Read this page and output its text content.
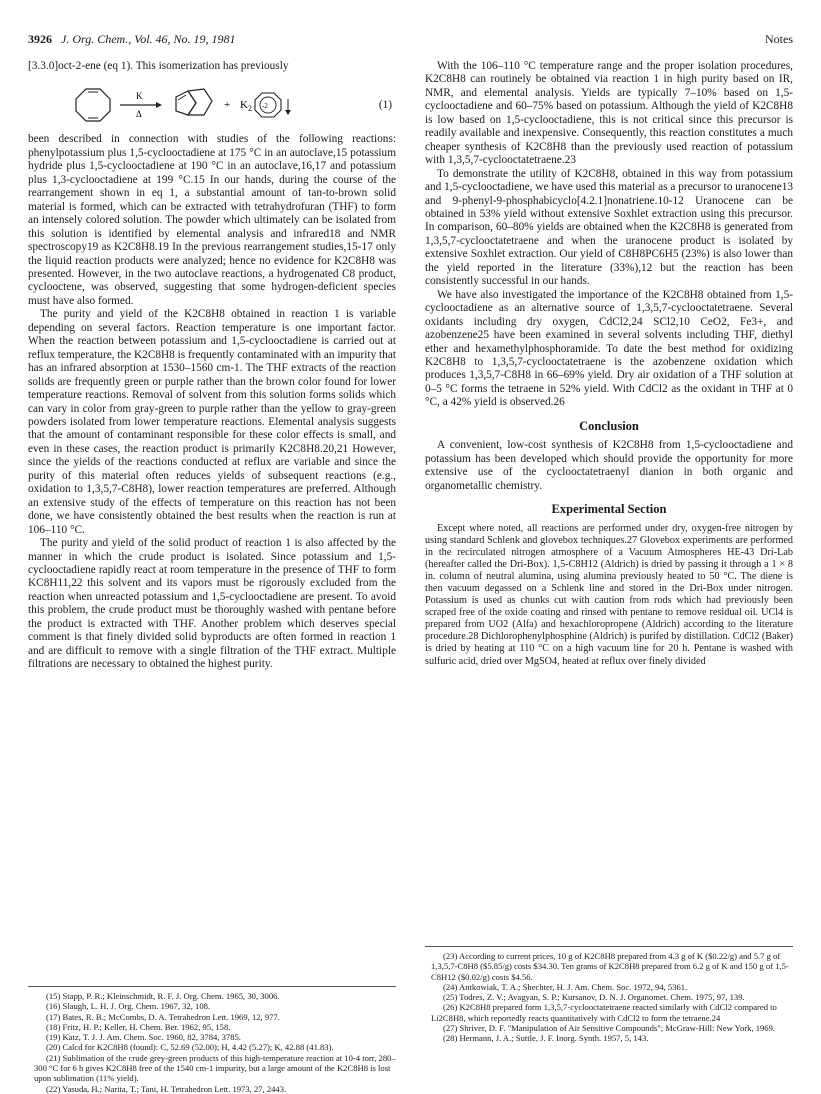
3926 J. Org. Chem., Vol. 46, No. 19, 1981	Notes

[3.3.0]oct-2-ene (eq 1). This isomerization has previously

K
Δ
+ K 2 -2	(1)

been described in connection with studies of the following reactions: phenylpotassium plus 1,5-cyclooctadiene at 175 °C in an autoclave,15 potassium hydride plus 1,5-cyclooctadiene at 190 °C in an autoclave,16,17 and potassium plus 1,3-cyclooctadiene at 199 °C.15 In our hands, during the course of the rearrangement shown in eq 1, a substantial amount of tan-to-brown solid material is formed, which can be extracted with tetrahydrofuran (THF) to form an intensely colored solution. The powder which ultimately can be isolated from this solution is identified by elemental analysis and infrared18 and NMR spectroscopy19 as K2C8H8.19 In the previous rearrangement studies,15-17 only the liquid reaction products were analyzed; hence no evidence for K2C8H8 was presented. However, in the two autoclave reactions, a hydrogenated C8 product, cyclooctene, was observed, suggesting that some hydrogen-deficient species must have also formed.

The purity and yield of the K2C8H8 obtained in reaction 1 is variable depending on several factors. Reaction temperature is one important factor. When the reaction between potassium and 1,5-cyclooctadiene is carried out at reflux temperature, the K2C8H8 is frequently contaminated with an impurity that has an infrared absorption at 1530–1560 cm-1. The THF extracts of the reaction solids are frequently green or purple rather than the brown color found for lower temperature reactions. Removal of solvent from this solution forms solids which can vary in color from gray-green to purple rather than the yellow to gray-green powders isolated from lower temperature reactions. Elemental analysis suggests that the amount of contaminant responsible for these color effects is small, and even in these cases, the reaction product is primarily K2C8H8.20,21 However, since the yields of the reactions conducted at reflux are variable and since the purity of this material often reduces yields of subsequent reactions (e.g., oxidation to 1,3,5,7-C8H8), lower reaction temperatures are preferred. Although an extensive study of the effects of temperature on this reaction has not been done, we have consistently obtained the best results when the reaction is run at 106–110 °C.

The purity and yield of the solid product of reaction 1 is also affected by the manner in which the crude product is isolated. Since potassium and 1,5-cyclooctadiene rapidly react at room temperature in the presence of THF to form KC8H11,22 this solvent and its vapors must be rigorously excluded from the reaction when unreacted potassium and 1,5-cyclooctadiene are present. To avoid this problem, the crude product must be thoroughly washed with pentane before the product is extracted with THF. Another problem which deserves special comment is that finely divided solid byproducts are often formed in reaction 1 and are difficult to remove with a single filtration of the THF extract. Multiple filtrations are necessary to obtained the highest purity.

With the 106–110 °C temperature range and the proper isolation procedures, K2C8H8 can routinely be obtained via reaction 1 in high purity based on IR, NMR, and elemental analysis. Yields are typically 7–10% based on 1,5-cyclooctadiene and 60–75% based on potassium. Although the yield of K2C8H8 is low based on 1,5-cyclooctadiene, this is not critical since this precursor is readily available and inexpensive. Consequently, this reaction constitutes a much cheaper synthesis of K2C8H8 than the previously used reaction of potassium with 1,3,5,7-cyclooctatetraene.23

To demonstrate the utility of K2C8H8, obtained in this way from potassium and 1,5-cyclooctadiene, we have used this material as a precursor to uranocene13 and 9-phenyl-9-phosphabicyclo[4.2.1]nonatriene.10-12 Uranocene can be obtained in 53% yield without extensive Soxhlet extraction using this precursor. In comparison, 60–80% yields are obtained when the K2C8H8 is generated from 1,3,5,7-cyclooctatetraene and when the uranocene product is isolated by extensive Soxhlet extraction. Our yield of C8H8PC6H5 (23%) is also lower than the yield reported in the literature (33%),12 but the reaction has been consistently successful in our hands.

We have also investigated the importance of the K2C8H8 obtained from 1,5-cyclooctadiene as an alternative source of 1,3,5,7-cyclooctatetraene. Several oxidants including dry oxygen, CdCl2,24 SCl2,10 CeO2, Fe3+, and azobenzene25 have been examined in several solvents including THF, diethyl ether and hexamethylphosphoramide. To date the best method for oxidizing K2C8H8 to 1,3,5,7-cyclooctatetraene is the azobenzene oxidation which produces 1,3,5,7-C8H8 in 66–69% yield. Dry air oxidation of a THF solution at 0–5 °C forms the tetraene in 52% yield. With CdCl2 as the oxidant in THF at 0 °C, a 42% yield is observed.26

Conclusion

A convenient, low-cost synthesis of K2C8H8 from 1,5-cyclooctadiene and potassium has been developed which should provide the opportunity for more extensive use of the cyclooctatetraenyl dianion in both organic and organometallic chemistry.

Experimental Section

Except where noted, all reactions are performed under dry, oxygen-free nitrogen by using standard Schlenk and glovebox techniques.27 Glovebox experiments are performed in the recirculated nitrogen atmosphere of a Vacuum Atmospheres HE-43 Dri-Lab (hereafter called the Dri-Box). 1,5-C8H12 (Aldrich) is dried by passing it through a 1 × 8 in. column of neutral alumina, using alumina previously heated to 50 °C. The diene is then vacuum degassed on a Schlenk line and stored in the Dri-Box under nitrogen. Potassium is used as chunks cut with caution from rods which had previously been scraped free of the oxide coating and rinsed with pentane to remove residual oil. UCl4 is prepared from UO2 (Alfa) and hexachloropropene (Aldrich) according to the literature procedure.28 Dichlorophenylphosphine (Aldrich) is purifed by distillation. CdCl2 (Baker) is dried by heating at 110 °C on a high vacuum line for 20 h. Pentane is washed with sulfuric acid, dried over MgSO4, heated at reflux over finely divided

(15) Stapp, P. R.; Kleinschmidt, R. F. J. Org. Chem. 1965, 30, 3006.

(16) Slaugh, L. H. J. Org. Chem. 1967, 32, 108.

(17) Bates, R. B.; McCombs, D. A. Tetrahedron Lett. 1969, 12, 977.

(18) Fritz, H. P.; Keller, H. Chem. Ber. 1962, 95, 158.

(19) Katz, T. J. J. Am. Chem. Soc. 1960, 82, 3784, 3785.

(20) Calcd for K2C8H8 (found): C, 52.69 (52.00); H, 4.42 (5.27); K, 42.88 (41.83).

(21) Sublimation of the crude grey-green products of this high-temperature reaction at 10-4 torr, 280–300 °C for 6 h gives K2C8H8 free of the 1540 cm-1 impurity, but a large amount of the K2C8H8 is lost upon sublimation (11% yield).

(22) Yasuda, H.; Narita, T.; Tani, H. Tetrahedron Lett. 1973, 27, 2443.

(23) According to current prices, 10 g of K2C8H8 prepared from 4.3 g of K ($0.22/g) and 5.7 g of 1,3,5,7-C8H8 ($5.85/g) costs $34.30. Ten grams of K2C8H8 prepared from 6.2 g of K and 150 g of 1,5-C8H12 ($0.02/g) costs $4.56.

(24) Antkowiak, T. A.; Shechter, H. J. Am. Chem. Soc. 1972, 94, 5361.

(25) Todres, Z. V.; Avagyan, S. P.; Kursanov, D. N. J. Organomet. Chem. 1975, 97, 139.

(26) K2C8H8 prepared form 1,3,5,7-cyclooctatetraene reacted similarly with CdCl2 compared to Li2C8H8, which reportedly reacts quantitatively with CdCl2 to form the tetraene.24

(27) Shriver, D. F. "Manipulation of Air Sensitive Compounds"; McGraw-Hill: New York, 1969.

(28) Hermann, J. A.; Suttle, J. F. Inorg. Synth. 1957, 5, 143.
